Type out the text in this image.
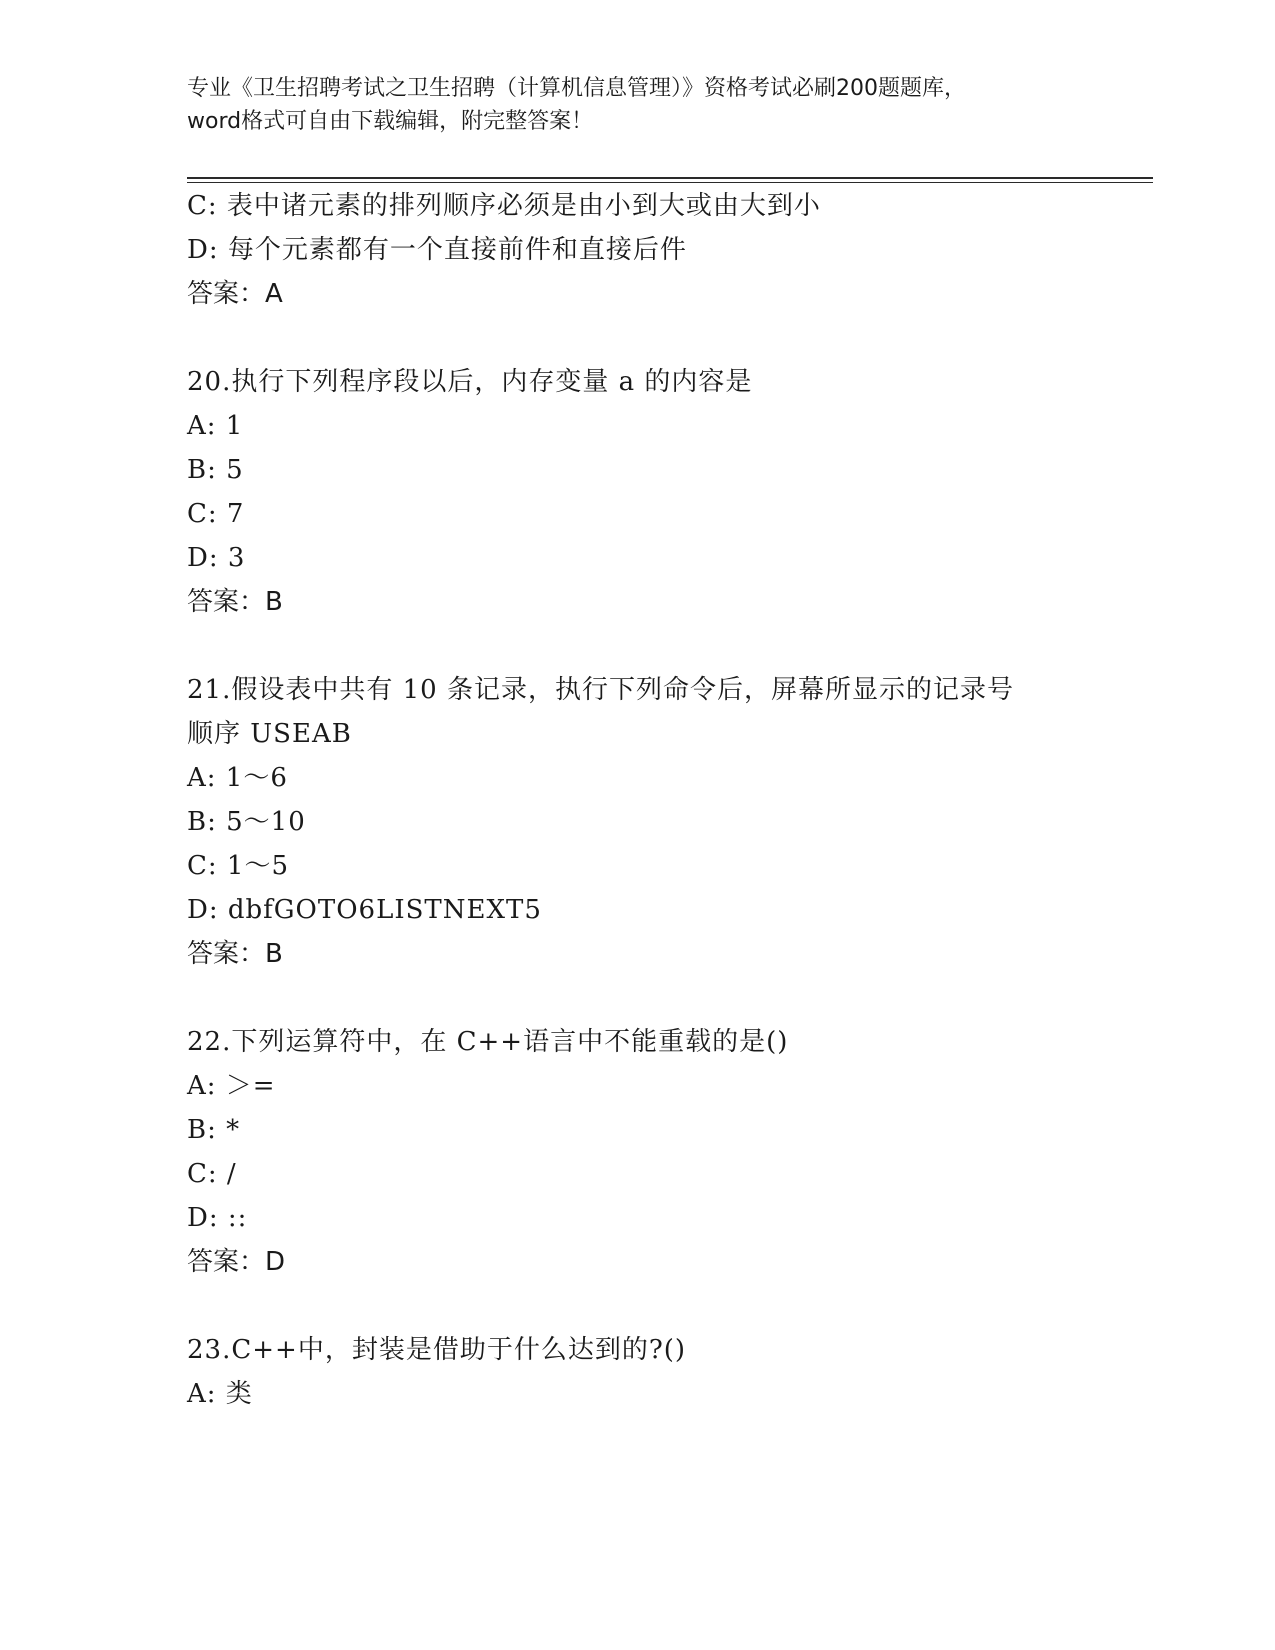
专业《卫生招聘考试之卫生招聘（计算机信息管理）》资格考试必刷200题题库，
word格式可自由下载编辑，附完整答案！
C: 表中诸元素的排列顺序必须是由小到大或由大到小
D: 每个元素都有一个直接前件和直接后件
答案：A
20.执行下列程序段以后，内存变量 a 的内容是
A: 1
B: 5
C: 7
D: 3
答案：B
21.假设表中共有 10 条记录，执行下列命令后，屏幕所显示的记录号
顺序 USEAB
A: 1～6
B: 5～10
C: 1～5
D: dbfGOTO6LISTNEXT5
答案：B
22.下列运算符中，在 C++语言中不能重载的是()
A: ＞=
B: *
C: /
D: ::
答案：D
23.C++中，封装是借助于什么达到的?()
A: 类
